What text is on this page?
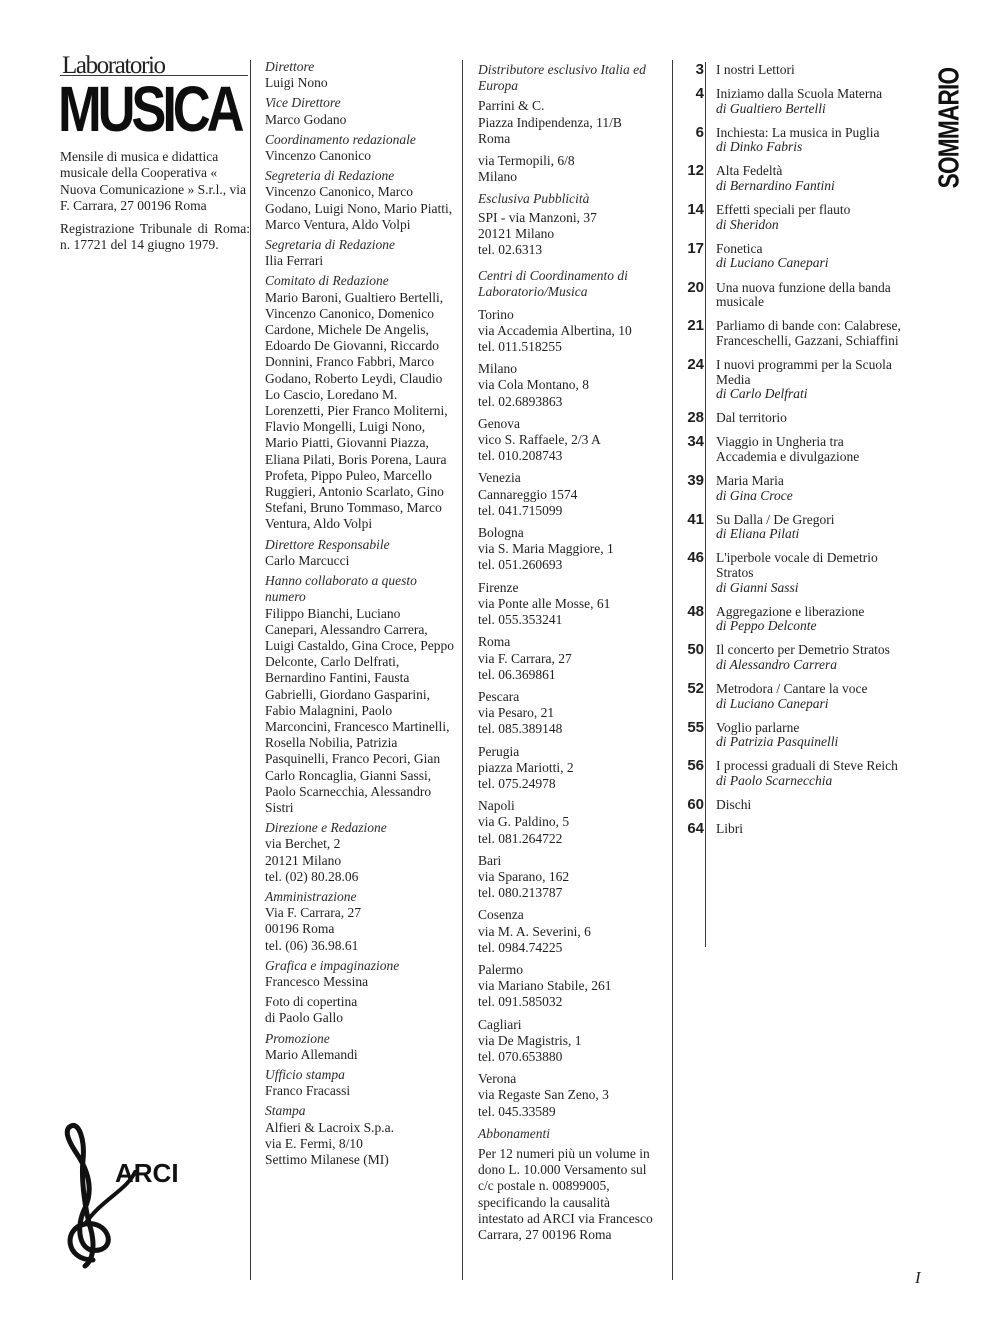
Laboratorio
MUSICA

Mensile di musica e didattica musicale della Cooperativa « Nuova Comunicazione » S.r.l., via F. Carrara, 27 00196 Roma

Registrazione Tribunale di Roma: n. 17721 del 14 giugno 1979.

Direttore
Luigi Nono
Vice Direttore
Marco Godano
Coordinamento redazionale
Vincenzo Canonico
Segreteria di Redazione
Vincenzo Canonico, Marco Godano, Luigi Nono, Mario Piatti, Marco Ventura, Aldo Volpi
Segretaria di Redazione
Ilia Ferrari
Comitato di Redazione
Mario Baroni, Gualtiero Bertelli, Vincenzo Canonico, Domenico Cardone, Michele De Angelis, Edoardo De Giovanni, Riccardo Donnini, Franco Fabbri, Marco Godano, Roberto Leydi, Claudio Lo Cascio, Loredano M. Lorenzetti, Pier Franco Moliterni, Flavio Mongelli, Luigi Nono, Mario Piatti, Giovanni Piazza, Eliana Pilati, Boris Porena, Laura Profeta, Pippo Puleo, Marcello Ruggieri, Antonio Scarlato, Gino Stefani, Bruno Tommaso, Marco Ventura, Aldo Volpi
Direttore Responsabile
Carlo Marcucci
Hanno collaborato a questo numero
Filippo Bianchi, Luciano Canepari, Alessandro Carrera, Luigi Castaldo, Gina Croce, Peppo Delconte, Carlo Delfrati, Bernardino Fantini, Fausta Gabrielli, Giordano Gasparini, Fabio Malagnini, Paolo Marconcini, Francesco Martinelli, Rosella Nobilia, Patrizia Pasquinelli, Franco Pecori, Gian Carlo Roncaglia, Gianni Sassi, Paolo Scarnecchia, Alessandro Sistri
Direzione e Redazione
via Berchet, 2
20121 Milano
tel. (02) 80.28.06
Amministrazione
Via F. Carrara, 27
00196 Roma
tel. (06) 36.98.61
Grafica e impaginazione
Francesco Messina
Foto di copertina
di Paolo Gallo
Promozione
Mario Allemandi
Ufficio stampa
Franco Fracassi
Stampa
Alfieri & Lacroix S.p.a.
via E. Fermi, 8/10
Settimo Milanese (MI)
Distributore esclusivo Italia ed Europa
Parrini & C.
Piazza Indipendenza, 11/B
Roma
via Termopili, 6/8
Milano
Esclusiva Pubblicità
SPI - via Manzoni, 37
20121 Milano
tel. 02.6313
Centri di Coordinamento di Laboratorio/Musica
Torino
via Accademia Albertina, 10
tel. 011.518255
Milano
via Cola Montano, 8
tel. 02.6893863
Genova
vico S. Raffaele, 2/3 A
tel. 010.208743
Venezia
Cannareggio 1574
tel. 041.715099
Bologna
via S. Maria Maggiore, 1
tel. 051.260693
Firenze
via Ponte alle Mosse, 61
tel. 055.353241
Roma
via F. Carrara, 27
tel. 06.369861
Pescara
via Pesaro, 21
tel. 085.389148
Perugia
piazza Mariotti, 2
tel. 075.24978
Napoli
via G. Paldino, 5
tel. 081.264722
Bari
via Sparano, 162
tel. 080.213787
Cosenza
via M. A. Severini, 6
tel. 0984.74225
Palermo
via Mariano Stabile, 261
tel. 091.585032
Cagliari
via De Magistris, 1
tel. 070.653880
Verona
via Regaste San Zeno, 3
tel. 045.33589
Abbonamenti
Per 12 numeri più un volume in dono L. 10.000 Versamento sul c/c postale n. 00899005, specificando la causalità intestato ad ARCI via Francesco Carrara, 27 00196 Roma
3 I nostri Lettori
4 Iniziamo dalla Scuola Materna
di Gualtiero Bertelli
6 Inchiesta: La musica in Puglia
di Dinko Fabris
12 Alta Fedeltà
di Bernardino Fantini
14 Effetti speciali per flauto
di Sheridon
17 Fonetica
di Luciano Canepari
20 Una nuova funzione della banda musicale
21 Parliamo di bande con: Calabrese, Franceschelli, Gazzani, Schiaffini
24 I nuovi programmi per la Scuola Media
di Carlo Delfrati
28 Dal territorio
34 Viaggio in Ungheria tra Accademia e divulgazione
39 Maria Maria
di Gina Croce
41 Su Dalla / De Gregori
di Eliana Pilati
46 L'iperbole vocale di Demetrio Stratos
di Gianni Sassi
48 Aggregazione e liberazione
di Peppo Delconte
50 Il concerto per Demetrio Stratos
di Alessandro Carrera
52 Metrodora / Cantare la voce
di Luciano Canepari
55 Voglio parlarne
di Patrizia Pasquinelli
56 I processi graduali di Steve Reich
di Paolo Scarnecchia
60 Dischi
64 Libri
SOMMARIO
I
ARCI
